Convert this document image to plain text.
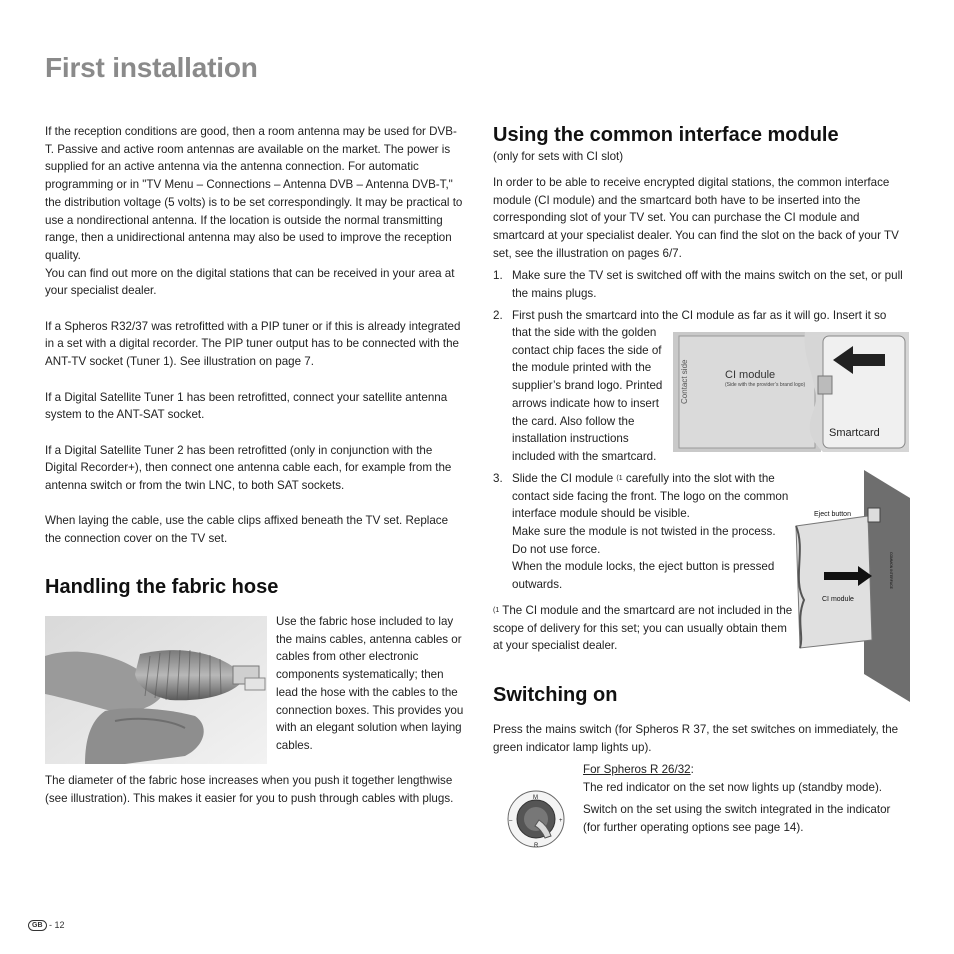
First installation

If the reception conditions are good, then a room antenna may be used for DVB-T. Passive and active room antennas are available on the market. The power is supplied for an active antenna via the antenna connection. For automatic programming or in "TV Menu – Connections – Antenna DVB – Antenna DVB-T," the distribution voltage (5 volts) is to be set correspondingly. It may be practical to use a nondirectional antenna. If the location is outside the normal transmitting range, then a unidirectional antenna may also be used to improve the reception quality.

You can find out more on the digital stations that can be received in your area at your specialist dealer.

If a Spheros R32/37 was retrofitted with a PIP tuner or if this is already integrated in a set with a digital recorder. The PIP tuner output has to be connected with the ANT-TV socket (Tuner 1). See illustration on page 7.

If a Digital Satellite Tuner 1 has been retrofitted, connect your satellite antenna system to the ANT-SAT socket.

If a Digital Satellite Tuner 2 has been retrofitted (only in conjunction with the Digital Recorder+), then connect one antenna cable each, for example from the antenna switch or from the twin LNC, to both SAT sockets.

When laying the cable, use the cable clips affixed beneath the TV set. Replace the connection cover on the TV set.

Handling the fabric hose

Use the fabric hose included to lay the mains cables, antenna cables or cables from other electronic components systematically; then lead the hose with the cables to the connection boxes. This provides you with an elegant solution when laying cables.

The diameter of the fabric hose increases when you push it together lengthwise (see illustration). This makes it easier for you to push through cables with plugs.

Using the common interface module

(only for sets with CI slot)

In order to be able to receive encrypted digital stations, the common interface module (CI module) and the smartcard both have to be inserted into the corresponding slot of your TV set. You can purchase the CI module and smartcard at your specialist dealer. You can find the slot on the back of your TV set, see the illustration on pages 6/7.

1. Make sure the TV set is switched off with the mains switch on the set, or pull the mains plugs.
2. First push the smartcard into the CI module as far as it will go. Insert it so

that the side with the golden contact chip faces the side of the module printed with the supplier’s brand logo. Printed arrows indicate how to insert the card. Also follow the installation instructions included with the smartcard.

Smartcard
CI module
(Side with the provider’s brand logo)
Contact side
3. Slide the CI module $^{(1}$ carefully into the slot with the contact side facing the front. The logo on the common interface module should be visible.

Make sure the module is not twisted in the process. Do not use force.

When the module locks, the eject button is pressed outwards.

Eject button
CI module
COMMON INTERFACE
$^{(1}$ The CI module and the smartcard are not included in the scope of delivery for this set; you can usually obtain them at your specialist dealer.
Switching on

Press the mains switch (for Spheros R 37, the set switches on immediately, the green indicator lamp lights up).

For Spheros R 26/32:

The red indicator on the set now lights up (standby mode).

Switch on the set using the switch integrated in the indicator (for further operating options see page 14).

M
R
–	+
GB - 12
